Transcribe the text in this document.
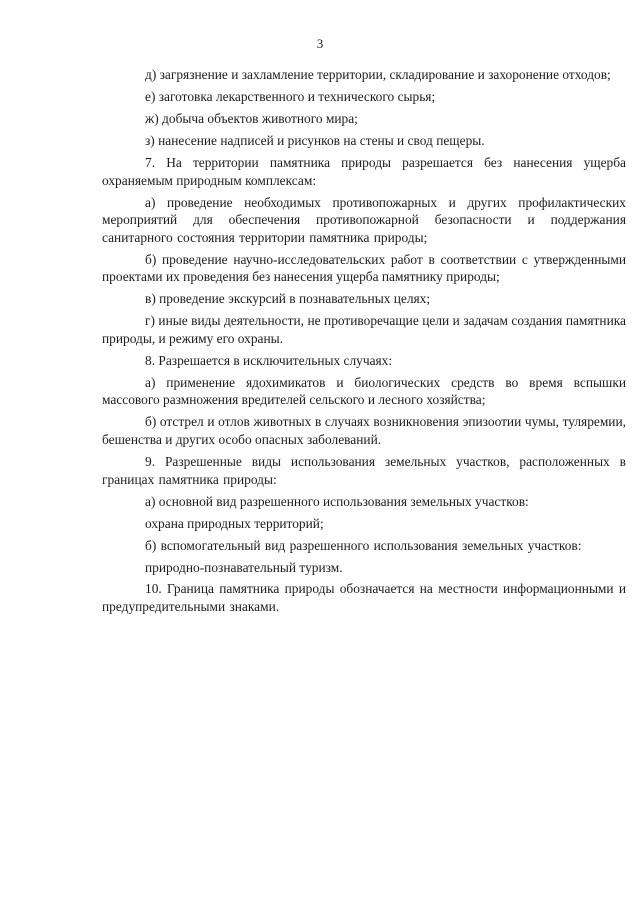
3

д) загрязнение и захламление территории, складирование и захоронение отходов;

е) заготовка лекарственного и технического сырья;

ж) добыча объектов животного мира;

з) нанесение надписей и рисунков на стены и свод пещеры.

7. На территории памятника природы разрешается без нанесения ущерба охраняемым природным комплексам:

а) проведение необходимых противопожарных и других профилактических мероприятий для обеспечения противопожарной безопасности и поддержания санитарного состояния территории памятника природы;

б) проведение научно-исследовательских работ в соответствии с утвержденными проектами их проведения без нанесения ущерба памятнику природы;

в) проведение экскурсий в познавательных целях;

г) иные виды деятельности, не противоречащие цели и задачам создания памятника природы, и режиму его охраны.

8. Разрешается в исключительных случаях:

а) применение ядохимикатов и биологических средств во время вспышки массового размножения вредителей сельского и лесного хозяйства;

б) отстрел и отлов животных в случаях возникновения эпизоотии чумы, туляремии, бешенства и других особо опасных заболеваний.

9. Разрешенные виды использования земельных участков, расположенных в границах памятника природы:

а) основной вид разрешенного использования земельных участков:

охрана природных территорий;

б) вспомогательный вид разрешенного использования земельных участков:

природно-познавательный туризм.

10. Граница памятника природы обозначается на местности информационными и предупредительными знаками.
